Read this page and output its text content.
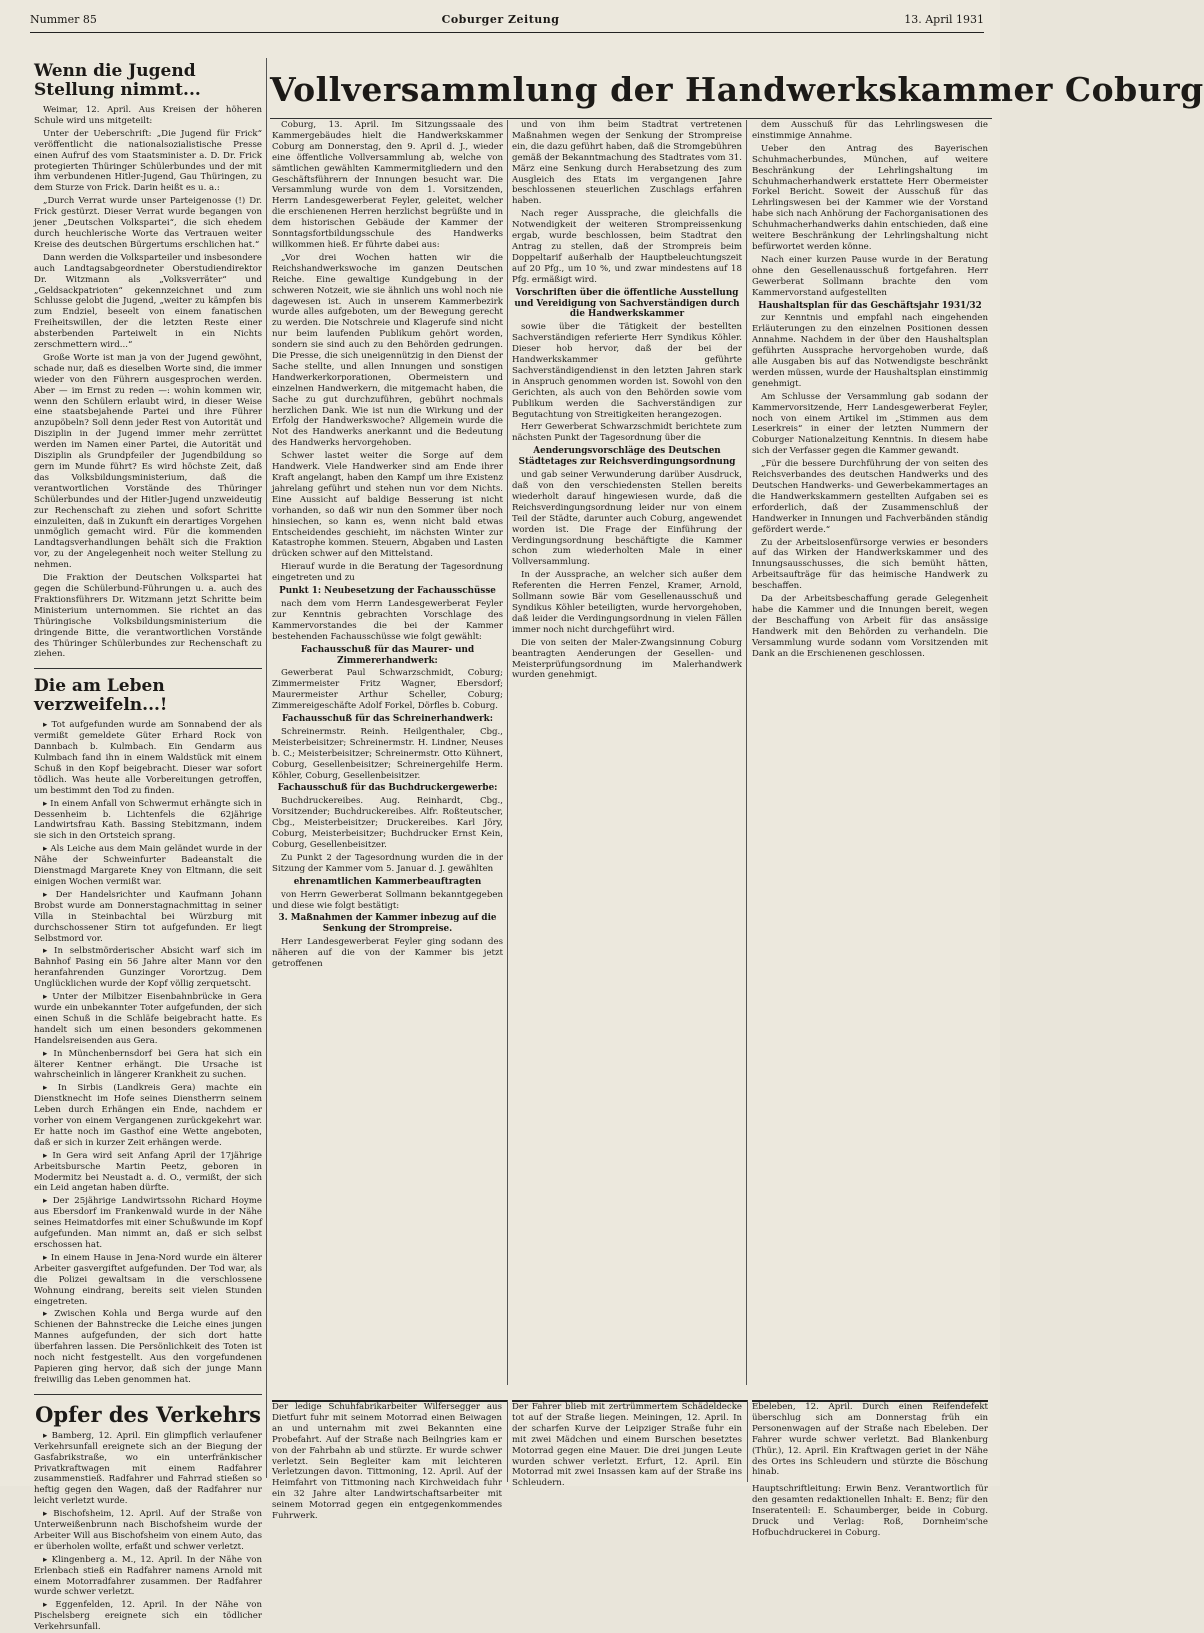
Nummer 85	Coburger Zeitung	13. April 1931
Wenn die Jugend Stellung nimmt...

Weimar, 12. April. Aus Kreisen der höheren Schule wird uns mitgeteilt:

Unter der Ueberschrift: „Die Jugend für Frick“ veröffentlicht die nationalsozialistische Presse einen Aufruf des vom Staatsminister a. D. Dr. Frick protegierten Thüringer Schülerbundes und der mit ihm verbundenen Hitler-Jugend, Gau Thüringen, zu dem Sturze von Frick. Darin heißt es u. a.:

„Durch Verrat wurde unser Parteigenosse (!) Dr. Frick gestürzt. Dieser Verrat wurde begangen von jener „Deutschen Volkspartei“, die sich ehedem durch heuchlerische Worte das Vertrauen weiter Kreise des deutschen Bürgertums erschlichen hat.“

Dann werden die Volksparteiler und insbesondere auch Landtagsabgeordneter Oberstudiendirektor Dr. Witzmann als „Volksverräter“ und „Geldsackpatrioten“ gekennzeichnet und zum Schlusse gelobt die Jugend, „weiter zu kämpfen bis zum Endziel, beseelt von einem fanatischen Freiheitswillen, der die letzten Reste einer absterbenden Parteiwelt in ein Nichts zerschmettern wird...“

Große Worte ist man ja von der Jugend gewöhnt, schade nur, daß es dieselben Worte sind, die immer wieder von den Führern ausgesprochen werden. Aber — im Ernst zu reden —: wohin kommen wir, wenn den Schülern erlaubt wird, in dieser Weise eine staatsbejahende Partei und ihre Führer anzupöbeln? Soll denn jeder Rest von Autorität und Disziplin in der Jugend immer mehr zerrüttet werden im Namen einer Partei, die Autorität und Disziplin als Grundpfeiler der Jugendbildung so gern im Munde führt? Es wird höchste Zeit, daß das Volksbildungsministerium, daß die verantwortlichen Vorstände des Thüringer Schülerbundes und der Hitler-Jugend unzweideutig zur Rechenschaft zu ziehen und sofort Schritte einzuleiten, daß in Zukunft ein derartiges Vorgehen unmöglich gemacht wird. Für die kommenden Landtagsverhandlungen behält sich die Fraktion vor, zu der Angelegenheit noch weiter Stellung zu nehmen.

Die Fraktion der Deutschen Volkspartei hat gegen die Schülerbund-Führungen u. a. auch des Fraktionsführers Dr. Witzmann jetzt Schritte beim Ministerium unternommen. Sie richtet an das Thüringische Volksbildungsministerium die dringende Bitte, die verantwortlichen Vorstände des Thüringer Schülerbundes zur Rechenschaft zu ziehen.

Die am Leben verzweifeln...!

▸ Tot aufgefunden wurde am Sonnabend der als vermißt gemeldete Güter Erhard Rock von Dannbach b. Kulmbach. Ein Gendarm aus Kulmbach fand ihn in einem Waldstück mit einem Schuß in den Kopf beigebracht. Dieser war sofort tödlich. Was heute alle Vorbereitungen getroffen, um bestimmt den Tod zu finden.

▸ In einem Anfall von Schwermut erhängte sich in Dessenheim b. Lichtenfels die 62jährige Landwirtsfrau Kath. Bassing Stebitzmann, indem sie sich in den Ortsteich sprang.

▸ Als Leiche aus dem Main geländet wurde in der Nähe der Schweinfurter Badeanstalt die Dienstmagd Margarete Kney von Eltmann, die seit einigen Wochen vermißt war.

▸ Der Handelsrichter und Kaufmann Johann Brobst wurde am Donnerstagnachmittag in seiner Villa in Steinbachtal bei Würzburg mit durchschossener Stirn tot aufgefunden. Er liegt Selbstmord vor.

▸ In selbstmörderischer Absicht warf sich im Bahnhof Pasing ein 56 Jahre alter Mann vor den heranfahrenden Gunzinger Vorortzug. Dem Unglücklichen wurde der Kopf völlig zerquetscht.

▸ Unter der Milbitzer Eisenbahnbrücke in Gera wurde ein unbekannter Toter aufgefunden, der sich einen Schuß in die Schläfe beigebracht hatte. Es handelt sich um einen besonders gekommenen Handelsreisenden aus Gera.

▸ In Münchenbernsdorf bei Gera hat sich ein älterer Kentner erhängt. Die Ursache ist wahrscheinlich in längerer Krankheit zu suchen.

▸ In Sirbis (Landkreis Gera) machte ein Dienstknecht im Hofe seines Dienstherrn seinem Leben durch Erhängen ein Ende, nachdem er vorher von einem Vergangenen zurückgekehrt war. Er hatte noch im Gasthof eine Wette angeboten, daß er sich in kurzer Zeit erhängen werde.

▸ In Gera wird seit Anfang April der 17jährige Arbeitsbursche Martin Peetz, geboren in Modermitz bei Neustadt a. d. O., vermißt, der sich ein Leid angetan haben dürfte.

▸ Der 25jährige Landwirtssohn Richard Hoyme aus Ebersdorf im Frankenwald wurde in der Nähe seines Heimatdorfes mit einer Schußwunde im Kopf aufgefunden. Man nimmt an, daß er sich selbst erschossen hat.

▸ In einem Hause in Jena-Nord wurde ein älterer Arbeiter gasvergiftet aufgefunden. Der Tod war, als die Polizei gewaltsam in die verschlossene Wohnung eindrang, bereits seit vielen Stunden eingetreten.

▸ Zwischen Kohla und Berga wurde auf den Schienen der Bahnstrecke die Leiche eines jungen Mannes aufgefunden, der sich dort hatte überfahren lassen. Die Persönlichkeit des Toten ist noch nicht festgestellt. Aus den vorgefundenen Papieren ging hervor, daß sich der junge Mann freiwillig das Leben genommen hat.

Opfer des Verkehrs

▸ Bamberg, 12. April. Ein glimpflich verlaufener Verkehrsunfall ereignete sich an der Biegung der Gasfabrikstraße, wo ein unterfränkischer Privatkraftwagen mit einem Radfahrer zusammenstieß. Radfahrer und Fahrrad stießen so heftig gegen den Wagen, daß der Radfahrer nur leicht verletzt wurde.

▸ Bischofsheim, 12. April. Auf der Straße von Unterweißenbrunn nach Bischofsheim wurde der Arbeiter Will aus Bischofsheim von einem Auto, das er überholen wollte, erfaßt und schwer verletzt.

▸ Klingenberg a. M., 12. April. In der Nähe von Erlenbach stieß ein Radfahrer namens Arnold mit einem Motorradfahrer zusammen. Der Radfahrer wurde schwer verletzt.

▸ Eggenfelden, 12. April. In der Nähe von Pischelsberg ereignete sich ein tödlicher Verkehrsunfall.

Vollversammlung der Handwerkskammer Coburg

Coburg, 13. April. Im Sitzungssaale des Kammergebäudes hielt die Handwerkskammer Coburg am Donnerstag, den 9. April d. J., wieder eine öffentliche Vollversammlung ab, welche von sämtlichen gewählten Kammermitgliedern und den Geschäftsführern der Innungen besucht war. Die Versammlung wurde von dem 1. Vorsitzenden, Herrn Landesgewerberat Feyler, geleitet, welcher die erschienenen Herren herzlichst begrüßte und in dem historischen Gebäude der Kammer der Sonntagsfortbildungsschule des Handwerks willkommen hieß. Er führte dabei aus:

„Vor drei Wochen hatten wir die Reichshandwerkswoche im ganzen Deutschen Reiche. Eine gewaltige Kundgebung in der schweren Notzeit, wie sie ähnlich uns wohl noch nie dagewesen ist. Auch in unserem Kammerbezirk wurde alles aufgeboten, um der Bewegung gerecht zu werden. Die Notschreie und Klagerufe sind nicht nur beim laufenden Publikum gehört worden, sondern sie sind auch zu den Behörden gedrungen. Die Presse, die sich uneigennützig in den Dienst der Sache stellte, und allen Innungen und sonstigen Handwerkerkorporationen, Obermeistern und einzelnen Handwerkern, die mitgemacht haben, die Sache zu gut durchzuführen, gebührt nochmals herzlichen Dank. Wie ist nun die Wirkung und der Erfolg der Handwerkswoche? Allgemein wurde die Not des Handwerks anerkannt und die Bedeutung des Handwerks hervorgehoben.

Schwer lastet weiter die Sorge auf dem Handwerk. Viele Handwerker sind am Ende ihrer Kraft angelangt, haben den Kampf um ihre Existenz jahrelang geführt und stehen nun vor dem Nichts. Eine Aussicht auf baldige Besserung ist nicht vorhanden, so daß wir nun den Sommer über noch hinsiechen, so kann es, wenn nicht bald etwas Entscheidendes geschieht, im nächsten Winter zur Katastrophe kommen. Steuern, Abgaben und Lasten drücken schwer auf den Mittelstand.

Hierauf wurde in die Beratung der Tagesordnung eingetreten und zu

Punkt 1: Neubesetzung der Fachausschüsse

nach dem vom Herrn Landesgewerberat Feyler zur Kenntnis gebrachten Vorschlage des Kammervorstandes die bei der Kammer bestehenden Fachausschüsse wie folgt gewählt:

Fachausschuß für das Maurer- und Zimmererhandwerk:

Gewerberat Paul Schwarzschmidt, Coburg; Zimmermeister Fritz Wagner, Ebersdorf; Maurermeister Arthur Scheller, Coburg; Zimmereigeschäfte Adolf Forkel, Dörfles b. Coburg.

Fachausschuß für das Schreinerhandwerk:

Schreinermstr. Reinh. Heilgenthaler, Cbg., Meisterbeisitzer; Schreinermstr. H. Lindner, Neuses b. C.; Meisterbeisitzer; Schreinermstr. Otto Kühnert, Coburg, Gesellenbeisitzer; Schreinergehilfe Herm. Köhler, Coburg, Gesellenbeisitzer.

Fachausschuß für das Buchdruckergewerbe:

Buchdruckereibes. Aug. Reinhardt, Cbg., Vorsitzender; Buchdruckereibes. Alfr. Roßteutscher, Cbg., Meisterbeisitzer; Druckereibes. Karl Jöry, Coburg, Meisterbeisitzer; Buchdrucker Ernst Kein, Coburg, Gesellenbeisitzer.

Zu Punkt 2 der Tagesordnung wurden die in der Sitzung der Kammer vom 5. Januar d. J. gewählten

ehrenamtlichen Kammerbeauftragten

von Herrn Gewerberat Sollmann bekanntgegeben und diese wie folgt bestätigt:

3. Maßnahmen der Kammer inbezug auf die Senkung der Strompreise.

Herr Landesgewerberat Feyler ging sodann des näheren auf die von der Kammer bis jetzt getroffenen

und von ihm beim Stadtrat vertretenen Maßnahmen wegen der Senkung der Strompreise ein, die dazu geführt haben, daß die Stromgebühren gemäß der Bekanntmachung des Stadtrates vom 31. März eine Senkung durch Herabsetzung des zum Ausgleich des Etats im vergangenen Jahre beschlossenen steuerlichen Zuschlags erfahren haben.

Nach reger Aussprache, die gleichfalls die Notwendigkeit der weiteren Strompreissenkung ergab, wurde beschlossen, beim Stadtrat den Antrag zu stellen, daß der Strompreis beim Doppeltarif außerhalb der Hauptbeleuchtungszeit auf 20 Pfg., um 10 %, und zwar mindestens auf 18 Pfg. ermäßigt wird.

Vorschriften über die öffentliche Ausstellung und Vereidigung von Sachverständigen durch die Handwerkskammer

sowie über die Tätigkeit der bestellten Sachverständigen referierte Herr Syndikus Köhler. Dieser hob hervor, daß der bei der Handwerkskammer geführte Sachverständigendienst in den letzten Jahren stark in Anspruch genommen worden ist. Sowohl von den Gerichten, als auch von den Behörden sowie vom Publikum werden die Sachverständigen zur Begutachtung von Streitigkeiten herangezogen.

Herr Gewerberat Schwarzschmidt berichtete zum nächsten Punkt der Tagesordnung über die

Aenderungsvorschläge des Deutschen Städtetages zur Reichsverdingungsordnung

und gab seiner Verwunderung darüber Ausdruck, daß von den verschiedensten Stellen bereits wiederholt darauf hingewiesen wurde, daß die Reichsverdingungsordnung leider nur von einem Teil der Städte, darunter auch Coburg, angewendet worden ist. Die Frage der Einführung der Verdingungsordnung beschäftigte die Kammer schon zum wiederholten Male in einer Vollversammlung.

In der Aussprache, an welcher sich außer dem Referenten die Herren Fenzel, Kramer, Arnold, Sollmann sowie Bär vom Gesellenausschuß und Syndikus Köhler beteiligten, wurde hervorgehoben, daß leider die Verdingungsordnung in vielen Fällen immer noch nicht durchgeführt wird.

Die von seiten der Maler-Zwangsinnung Coburg beantragten Aenderungen der Gesellen- und Meisterprüfungsordnung im Malerhandwerk wurden genehmigt.

dem Ausschuß für das Lehrlingswesen die einstimmige Annahme.

Ueber den Antrag des Bayerischen Schuhmacherbundes, München, auf weitere Beschränkung der Lehrlingshaltung im Schuhmacherhandwerk erstattete Herr Obermeister Forkel Bericht. Soweit der Ausschuß für das Lehrlingswesen bei der Kammer wie der Vorstand habe sich nach Anhörung der Fachorganisationen des Schuhmacherhandwerks dahin entschieden, daß eine weitere Beschränkung der Lehrlingshaltung nicht befürwortet werden könne.

Nach einer kurzen Pause wurde in der Beratung ohne den Gesellenausschuß fortgefahren. Herr Gewerberat Sollmann brachte den vom Kammervorstand aufgestellten

Haushaltsplan für das Geschäftsjahr 1931/32

zur Kenntnis und empfahl nach eingehenden Erläuterungen zu den einzelnen Positionen dessen Annahme. Nachdem in der über den Haushaltsplan geführten Aussprache hervorgehoben wurde, daß alle Ausgaben bis auf das Notwendigste beschränkt werden müssen, wurde der Haushaltsplan einstimmig genehmigt.

Am Schlusse der Versammlung gab sodann der Kammervorsitzende, Herr Landesgewerberat Feyler, noch von einem Artikel im „Stimmen aus dem Leserkreis“ in einer der letzten Nummern der Coburger Nationalzeitung Kenntnis. In diesem habe sich der Verfasser gegen die Kammer gewandt.

„Für die bessere Durchführung der von seiten des Reichsverbandes des deutschen Handwerks und des Deutschen Handwerks- und Gewerbekammertages an die Handwerkskammern gestellten Aufgaben sei es erforderlich, daß der Zusammenschluß der Handwerker in Innungen und Fachverbänden ständig gefördert werde.“

Zu der Arbeitslosenfürsorge verwies er besonders auf das Wirken der Handwerkskammer und des Innungsausschusses, die sich bemüht hätten, Arbeitsaufträge für das heimische Handwerk zu beschaffen.

Da der Arbeitsbeschaffung gerade Gelegenheit habe die Kammer und die Innungen bereit, wegen der Beschaffung von Arbeit für das ansässige Handwerk mit den Behörden zu verhandeln. Die Versammlung wurde sodann vom Vorsitzenden mit Dank an die Erschienenen geschlossen.

Der ledige Schuhfabrikarbeiter Wilfersegger aus Dietfurt fuhr mit seinem Motorrad einen Beiwagen an und unternahm mit zwei Bekannten eine Probefahrt. Auf der Straße nach Beilngries kam er von der Fahrbahn ab und stürzte. Er wurde schwer verletzt. Sein Begleiter kam mit leichteren Verletzungen davon. Tittmoning, 12. April. Auf der Heimfahrt von Tittmoning nach Kirchweidach fuhr ein 32 Jahre alter Landwirtschaftsarbeiter mit seinem Motorrad gegen ein entgegenkommendes Fuhrwerk.
Der Fahrer blieb mit zertrümmertem Schädeldecke tot auf der Straße liegen. Meiningen, 12. April. In der scharfen Kurve der Leipziger Straße fuhr ein mit zwei Mädchen und einem Burschen besetztes Motorrad gegen eine Mauer. Die drei jungen Leute wurden schwer verletzt. Erfurt, 12. April. Ein Motorrad mit zwei Insassen kam auf der Straße ins Schleudern.
Ebeleben, 12. April. Durch einen Reifendefekt überschlug sich am Donnerstag früh ein Personenwagen auf der Straße nach Ebeleben. Der Fahrer wurde schwer verletzt. Bad Blankenburg (Thür.), 12. April. Ein Kraftwagen geriet in der Nähe des Ortes ins Schleudern und stürzte die Böschung hinab.
Hauptschriftleitung: Erwin Benz. Verantwortlich für den gesamten redaktionellen Inhalt: E. Benz; für den Inseratenteil: E. Schaumberger, beide in Coburg. Druck und Verlag: Roß, Dornheim'sche Hofbuchdruckerei in Coburg.
